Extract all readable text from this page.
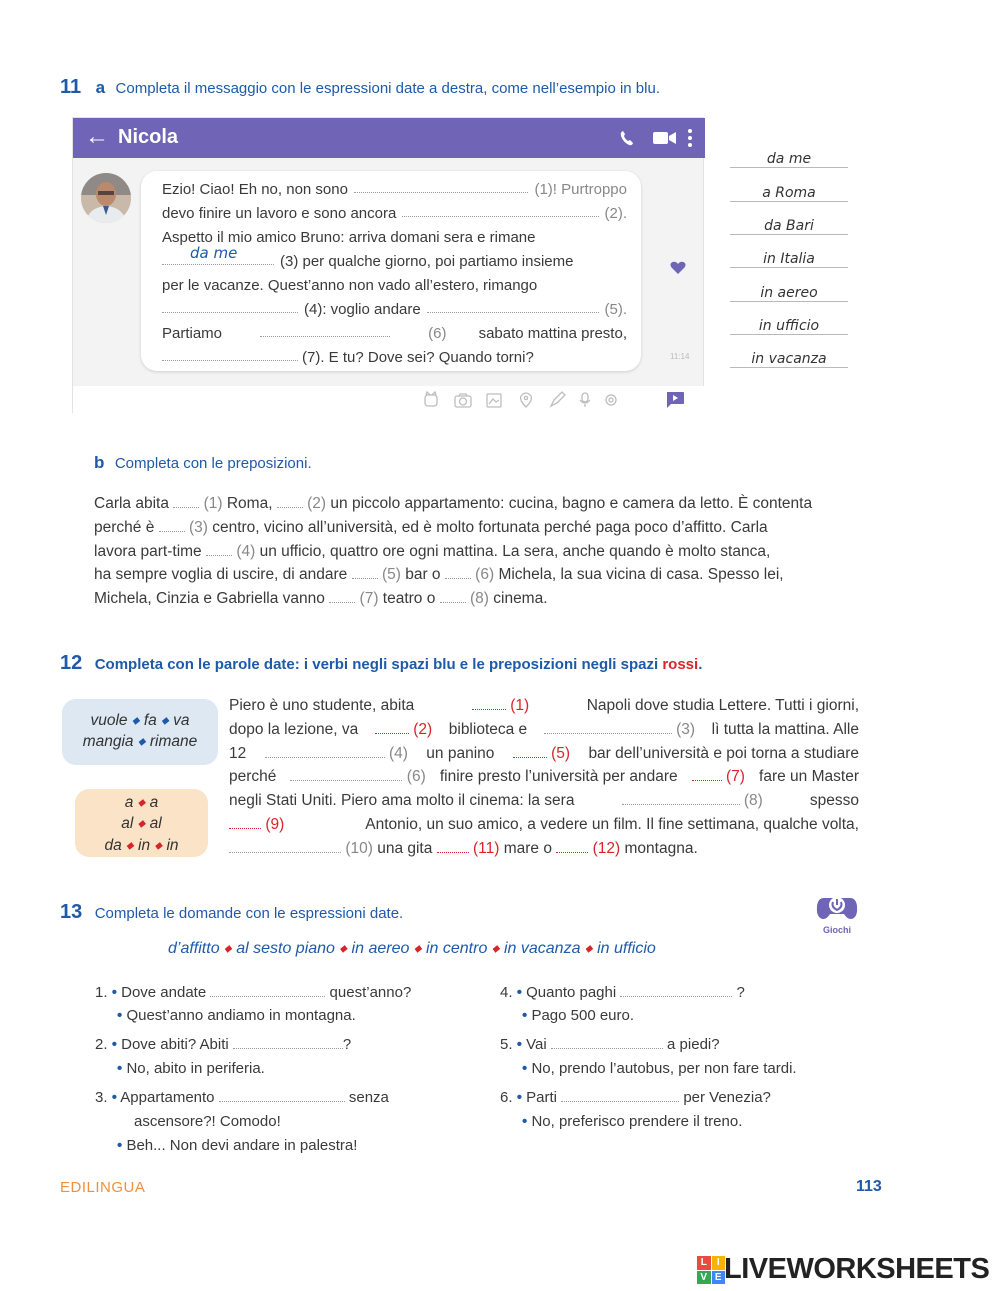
11 a Completa il messaggio con le espressioni date a destra, come nell’esempio in blu.
← Nicola
Ezio! Ciao! Eh no, non sono	(1)! Purtroppo
devo finire un lavoro e sono ancora	(2).
Aspetto il mio amico Bruno: arriva domani sera e rimane
da me	(3) per qualche giorno, poi partiamo insieme
per le vacanze. Quest’anno non vado all’estero, rimango
(4): voglio andare	(5).
Partiamo	(6) sabato mattina presto,
(7). E tu? Dove sei? Quando torni?	11:14
da me
a Roma
da Bari
in Italia
in aereo
in ufficio
in vacanza
b Completa con le preposizioni.
Carla abita (1) Roma, (2) un piccolo appartamento: cucina, bagno e camera da letto. È contenta
perché è (3) centro, vicino all’università, ed è molto fortunata perché paga poco d’affitto. Carla
lavora part-time (4) un ufficio, quattro ore ogni mattina. La sera, anche quando è molto stanca,
ha sempre voglia di uscire, di andare (5) bar o (6) Michela, la sua vicina di casa. Spesso lei,
Michela, Cinzia e Gabriella vanno (7) teatro o (8) cinema.
12 Completa con le parole date: i verbi negli spazi blu e le preposizioni negli spazi rossi.
vuole ◆ fa ◆ va
mangia ◆ rimane
a ◆ a
al ◆ al
da ◆ in ◆ in
Piero è uno studente, abita	(1)	Napoli dove studia Lettere. Tutti i giorni,
dopo la lezione, va	(2) biblioteca e	(3) lì tutta la mattina. Alle
12	(4) un panino	(5) bar dell’università e poi torna a studiare
perché	(6) finire presto l’università per andare	(7) fare un Master
negli Stati Uniti. Piero ama molto il cinema: la sera	(8)	spesso
(9)	Antonio, un suo amico, a vedere un film. Il fine settimana, qualche volta,
(10) una gita	(11) mare o	(12) montagna.
13 Completa le domande con le espressioni date.
Giochi
d’affitto ◆ al sesto piano ◆ in aereo ◆ in centro ◆ in vacanza ◆ in ufficio
1. • Dove andate	quest’anno?
• Quest’anno andiamo in montagna.
2. • Dove abiti? Abiti	?
• No, abito in periferia.
3. • Appartamento	senza
ascensore?! Comodo!
• Beh... Non devi andare in palestra!
4. • Quanto paghi	?
• Pago 500 euro.
5. • Vai	a piedi?
• No, prendo l’autobus, per non fare tardi.
6. • Parti	per Venezia?
• No, preferisco prendere il treno.
EDILINGUA	113
L	I
V E LIVEWORKSHEETS
